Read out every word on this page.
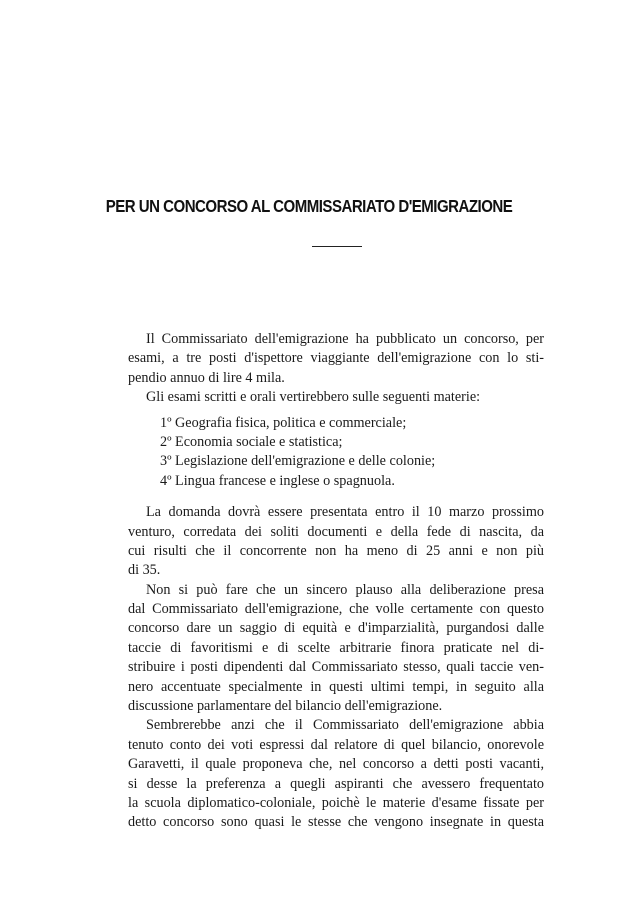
PER UN CONCORSO AL COMMISSARIATO D'EMIGRAZIONE
Il Commissariato dell'emigrazione ha pubblicato un concorso, per
esami, a tre posti d'ispettore viaggiante dell'emigrazione con lo sti-
pendio annuo di lire 4 mila.
Gli esami scritti e orali vertirebbero sulle seguenti materie:
1º Geografia fisica, politica e commerciale;
2º Economia sociale e statistica;
3º Legislazione dell'emigrazione e delle colonie;
4º Lingua francese e inglese o spagnuola.
La domanda dovrà essere presentata entro il 10 marzo prossimo
venturo, corredata dei soliti documenti e della fede di nascita, da
cui risulti che il concorrente non ha meno di 25 anni e non più
di 35.
Non si può fare che un sincero plauso alla deliberazione presa
dal Commissariato dell'emigrazione, che volle certamente con questo
concorso dare un saggio di equità e d'imparzialità, purgandosi dalle
taccie di favoritismi e di scelte arbitrarie finora praticate nel di-
stribuire i posti dipendenti dal Commissariato stesso, quali taccie ven-
nero accentuate specialmente in questi ultimi tempi, in seguito alla
discussione parlamentare del bilancio dell'emigrazione.
Sembrerebbe anzi che il Commissariato dell'emigrazione abbia
tenuto conto dei voti espressi dal relatore di quel bilancio, onorevole
Garavetti, il quale proponeva che, nel concorso a detti posti vacanti,
si desse la preferenza a quegli aspiranti che avessero frequentato
la scuola diplomatico-coloniale, poichè le materie d'esame fissate per
detto concorso sono quasi le stesse che vengono insegnate in questa
